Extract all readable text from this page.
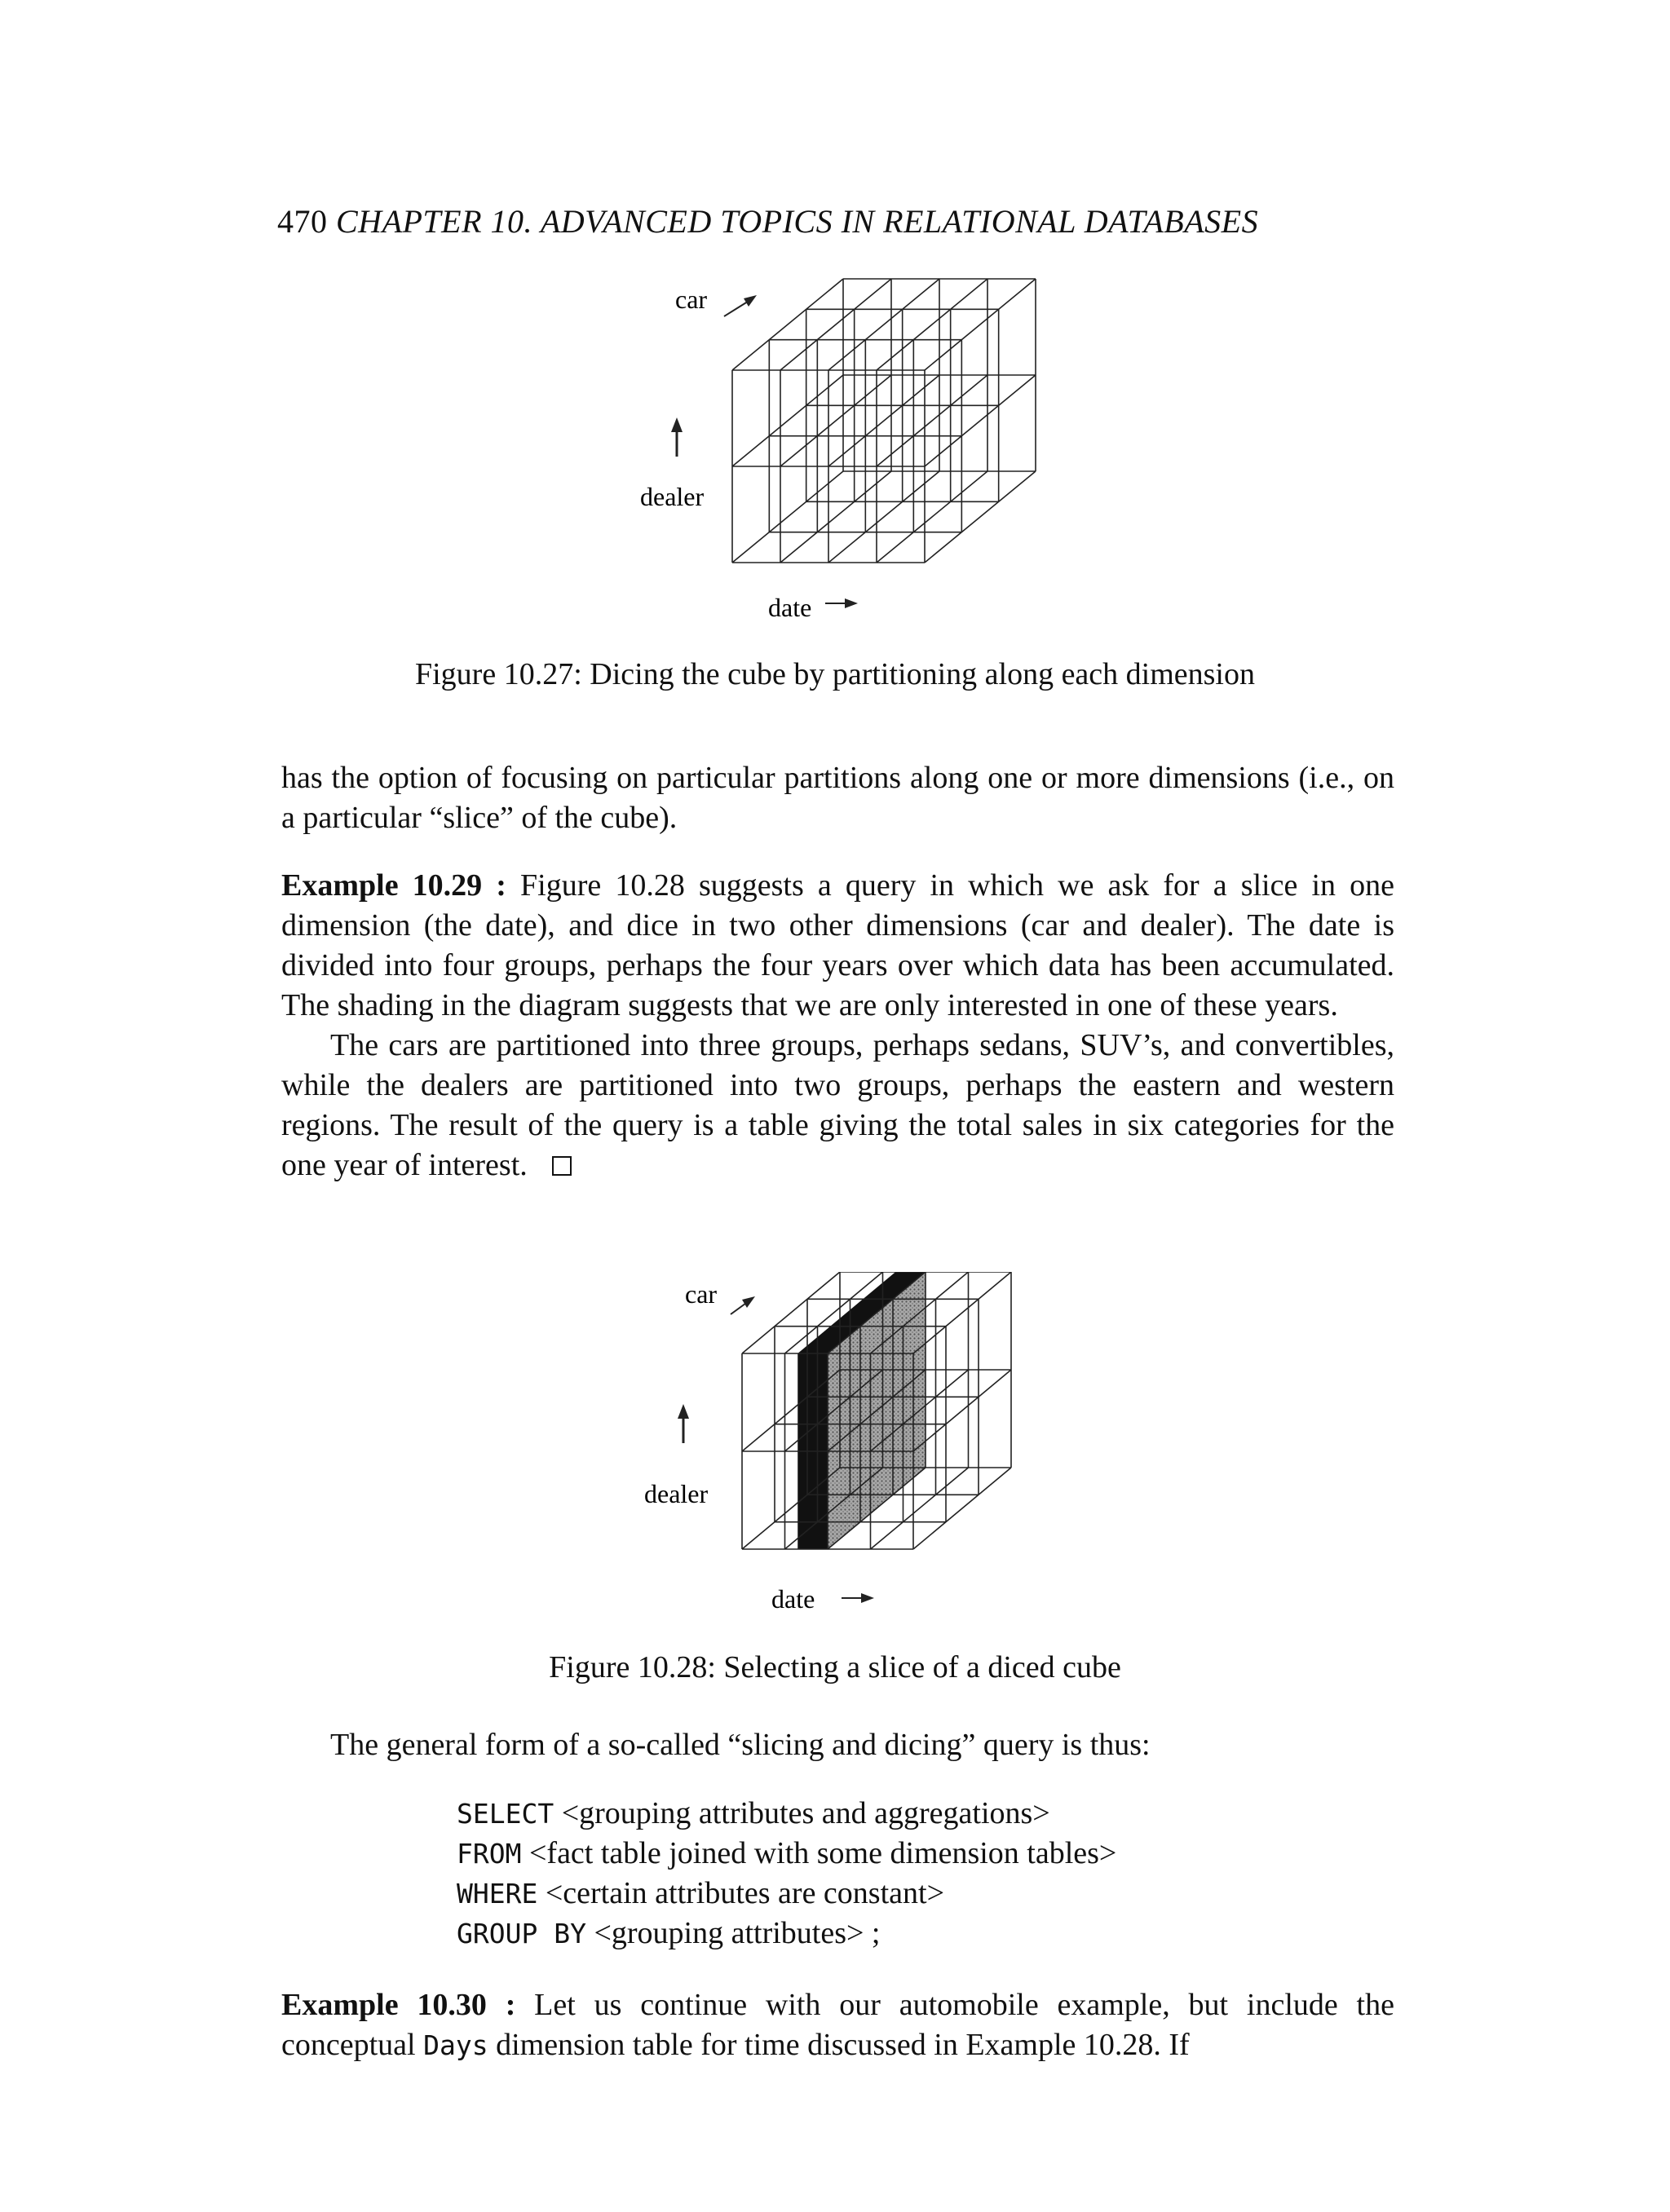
470 CHAPTER 10. ADVANCED TOPICS IN RELATIONAL DATABASES
car
dealer
date
Figure 10.27: Dicing the cube by partitioning along each dimension

has the option of focusing on particular partitions along one or more dimensions (i.e., on a particular “slice” of the cube).

Example 10.29 : Figure 10.28 suggests a query in which we ask for a slice in one dimension (the date), and dice in two other dimensions (car and dealer). The date is divided into four groups, perhaps the four years over which data has been accumulated. The shading in the diagram suggests that we are only interested in one of these years.

The cars are partitioned into three groups, perhaps sedans, SUV’s, and convertibles, while the dealers are partitioned into two groups, perhaps the eastern and western regions. The result of the query is a table giving the total sales in six categories for the one year of interest.

car
dealer
date
Figure 10.28: Selecting a slice of a diced cube
The general form of a so-called “slicing and dicing” query is thus:
SELECT <grouping attributes and aggregations>
FROM <fact table joined with some dimension tables>
WHERE <certain attributes are constant>
GROUP BY <grouping attributes> ;

Example 10.30 : Let us continue with our automobile example, but include the conceptual Days dimension table for time discussed in Example 10.28. If
